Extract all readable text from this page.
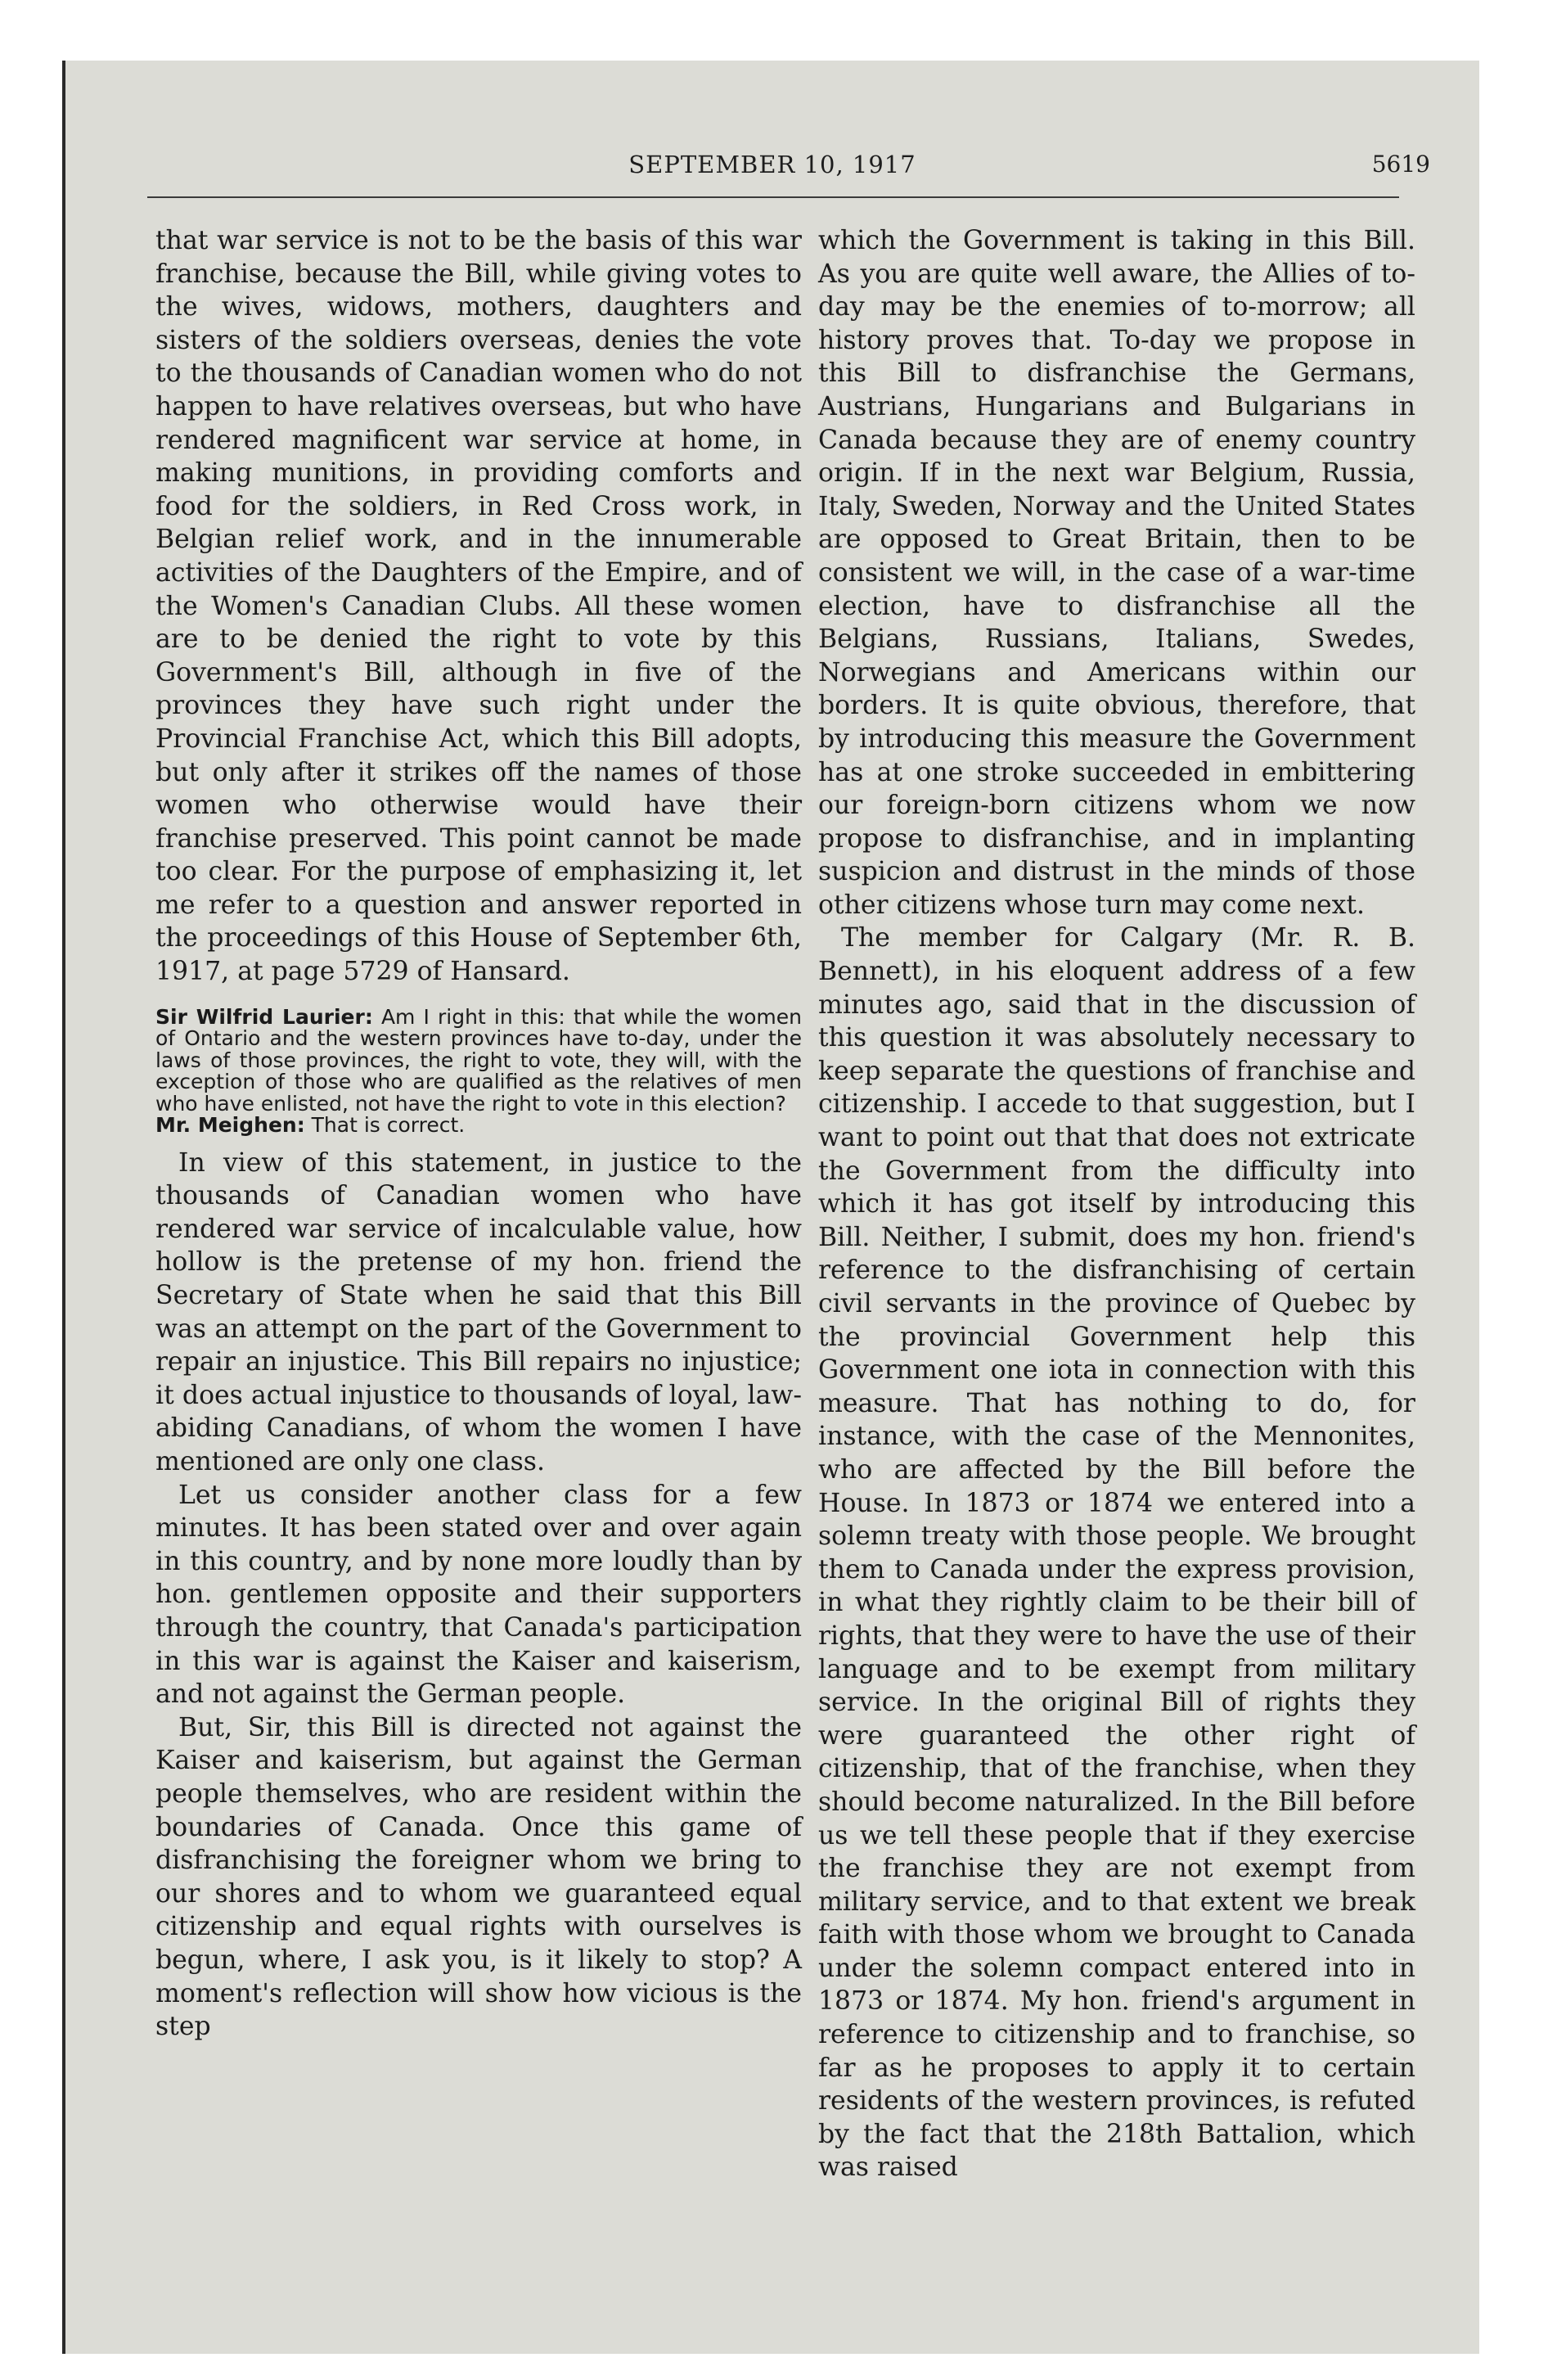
SEPTEMBER 10, 1917	5619

that war service is not to be the basis of this war franchise, because the Bill, while giving votes to the wives, widows, mothers, daughters and sisters of the soldiers overseas, denies the vote to the thousands of Canadian women who do not happen to have relatives overseas, but who have rendered magnificent war service at home, in making munitions, in providing comforts and food for the soldiers, in Red Cross work, in Belgian relief work, and in the innumerable activities of the Daughters of the Empire, and of the Women's Canadian Clubs. All these women are to be denied the right to vote by this Government's Bill, although in five of the provinces they have such right under the Provincial Franchise Act, which this Bill adopts, but only after it strikes off the names of those women who otherwise would have their franchise preserved. This point cannot be made too clear. For the purpose of emphasizing it, let me refer to a question and answer reported in the proceedings of this House of September 6th, 1917, at page 5729 of Hansard.

Sir Wilfrid Laurier: Am I right in this: that while the women of Ontario and the western provinces have to-day, under the laws of those provinces, the right to vote, they will, with the exception of those who are qualified as the relatives of men who have enlisted, not have the right to vote in this election?

Mr. Meighen: That is correct.

In view of this statement, in justice to the thousands of Canadian women who have rendered war service of incalculable value, how hollow is the pretense of my hon. friend the Secretary of State when he said that this Bill was an attempt on the part of the Government to repair an injustice. This Bill repairs no injustice; it does actual injustice to thousands of loyal, law-abiding Canadians, of whom the women I have mentioned are only one class.

Let us consider another class for a few minutes. It has been stated over and over again in this country, and by none more loudly than by hon. gentlemen opposite and their supporters through the country, that Canada's participation in this war is against the Kaiser and kaiserism, and not against the German people.

But, Sir, this Bill is directed not against the Kaiser and kaiserism, but against the German people themselves, who are resident within the boundaries of Canada. Once this game of disfranchising the foreigner whom we bring to our shores and to whom we guaranteed equal citizenship and equal rights with ourselves is begun, where, I ask you, is it likely to stop? A moment's reflection will show how vicious is the step

which the Government is taking in this Bill. As you are quite well aware, the Allies of to-day may be the enemies of to-morrow; all history proves that. To-day we propose in this Bill to disfranchise the Germans, Austrians, Hungarians and Bulgarians in Canada because they are of enemy country origin. If in the next war Belgium, Russia, Italy, Sweden, Norway and the United States are opposed to Great Britain, then to be consistent we will, in the case of a war-time election, have to disfranchise all the Belgians, Russians, Italians, Swedes, Norwegians and Americans within our borders. It is quite obvious, therefore, that by introducing this measure the Government has at one stroke succeeded in embittering our foreign-born citizens whom we now propose to disfranchise, and in implanting suspicion and distrust in the minds of those other citizens whose turn may come next.

The member for Calgary (Mr. R. B. Bennett), in his eloquent address of a few minutes ago, said that in the discussion of this question it was absolutely necessary to keep separate the questions of franchise and citizenship. I accede to that suggestion, but I want to point out that that does not extricate the Government from the difficulty into which it has got itself by introducing this Bill. Neither, I submit, does my hon. friend's reference to the disfranchising of certain civil servants in the province of Quebec by the provincial Government help this Government one iota in connection with this measure. That has nothing to do, for instance, with the case of the Mennonites, who are affected by the Bill before the House. In 1873 or 1874 we entered into a solemn treaty with those people. We brought them to Canada under the express provision, in what they rightly claim to be their bill of rights, that they were to have the use of their language and to be exempt from military service. In the original Bill of rights they were guaranteed the other right of citizenship, that of the franchise, when they should become naturalized. In the Bill before us we tell these people that if they exercise the franchise they are not exempt from military service, and to that extent we break faith with those whom we brought to Canada under the solemn compact entered into in 1873 or 1874. My hon. friend's argument in reference to citizenship and to franchise, so far as he proposes to apply it to certain residents of the western provinces, is refuted by the fact that the 218th Battalion, which was raised
